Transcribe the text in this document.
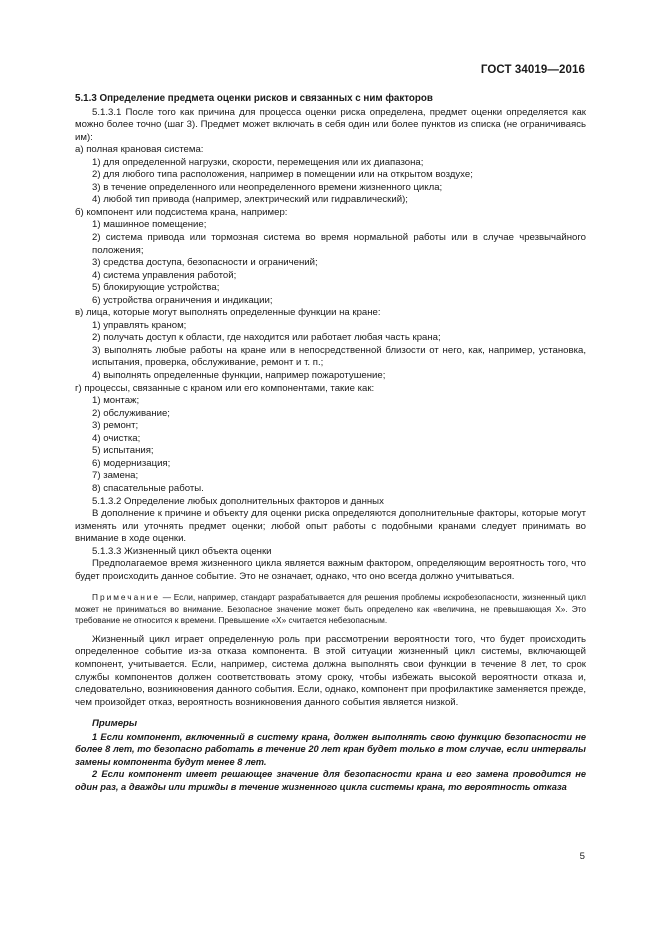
ГОСТ 34019—2016

5.1.3 Определение предмета оценки рисков и связанных с ним факторов

5.1.3.1 После того как причина для процесса оценки риска определена, предмет оценки определяется как можно более точно (шаг 3). Предмет может включать в себя один или более пунктов из списка (не ограничиваясь им):

а) полная крановая система:

1) для определенной нагрузки, скорости, перемещения или их диапазона;

2) для любого типа расположения, например в помещении или на открытом воздухе;

3) в течение определенного или неопределенного времени жизненного цикла;

4) любой тип привода (например, электрический или гидравлический);

б) компонент или подсистема крана, например:

1) машинное помещение;

2) система привода или тормозная система во время нормальной работы или в случае чрезвычайного положения;

3) средства доступа, безопасности и ограничений;

4) система управления работой;

5) блокирующие устройства;

6) устройства ограничения и индикации;

в) лица, которые могут выполнять определенные функции на кране:

1) управлять краном;

2) получать доступ к области, где находится или работает любая часть крана;

3) выполнять любые работы на кране или в непосредственной близости от него, как, например, установка, испытания, проверка, обслуживание, ремонт и т. п.;

4) выполнять определенные функции, например пожаротушение;

г) процессы, связанные с краном или его компонентами, такие как:

1) монтаж;

2) обслуживание;

3) ремонт;

4) очистка;

5) испытания;

6) модернизация;

7) замена;

8) спасательные работы.

5.1.3.2 Определение любых дополнительных факторов и данных

В дополнение к причине и объекту для оценки риска определяются дополнительные факторы, которые могут изменять или уточнять предмет оценки; любой опыт работы с подобными кранами следует принимать во внимание в ходе оценки.

5.1.3.3 Жизненный цикл объекта оценки

Предполагаемое время жизненного цикла является важным фактором, определяющим вероятность того, что будет происходить данное событие. Это не означает, однако, что оно всегда должно учитываться.

Примечание — Если, например, стандарт разрабатывается для решения проблемы искробезопасности, жизненный цикл может не приниматься во внимание. Безопасное значение может быть определено как «величина, не превышающая X». Это требование не относится к времени. Превышение «X» считается небезопасным.

Жизненный цикл играет определенную роль при рассмотрении вероятности того, что будет происходить определенное событие из-за отказа компонента. В этой ситуации жизненный цикл системы, включающей компонент, учитывается. Если, например, система должна выполнять свои функции в течение 8 лет, то срок службы компонентов должен соответствовать этому сроку, чтобы избежать высокой вероятности отказа и, следовательно, возникновения данного события. Если, однако, компонент при профилактике заменяется прежде, чем произойдет отказ, вероятность возникновения данного события является низкой.

Примеры

1 Если компонент, включенный в систему крана, должен выполнять свою функцию безопасности не более 8 лет, то безопасно работать в течение 20 лет кран будет только в том случае, если интервалы замены компонента будут менее 8 лет.

2 Если компонент имеет решающее значение для безопасности крана и его замена проводится не один раз, а дважды или трижды в течение жизненного цикла системы крана, то вероятность отказа

5
